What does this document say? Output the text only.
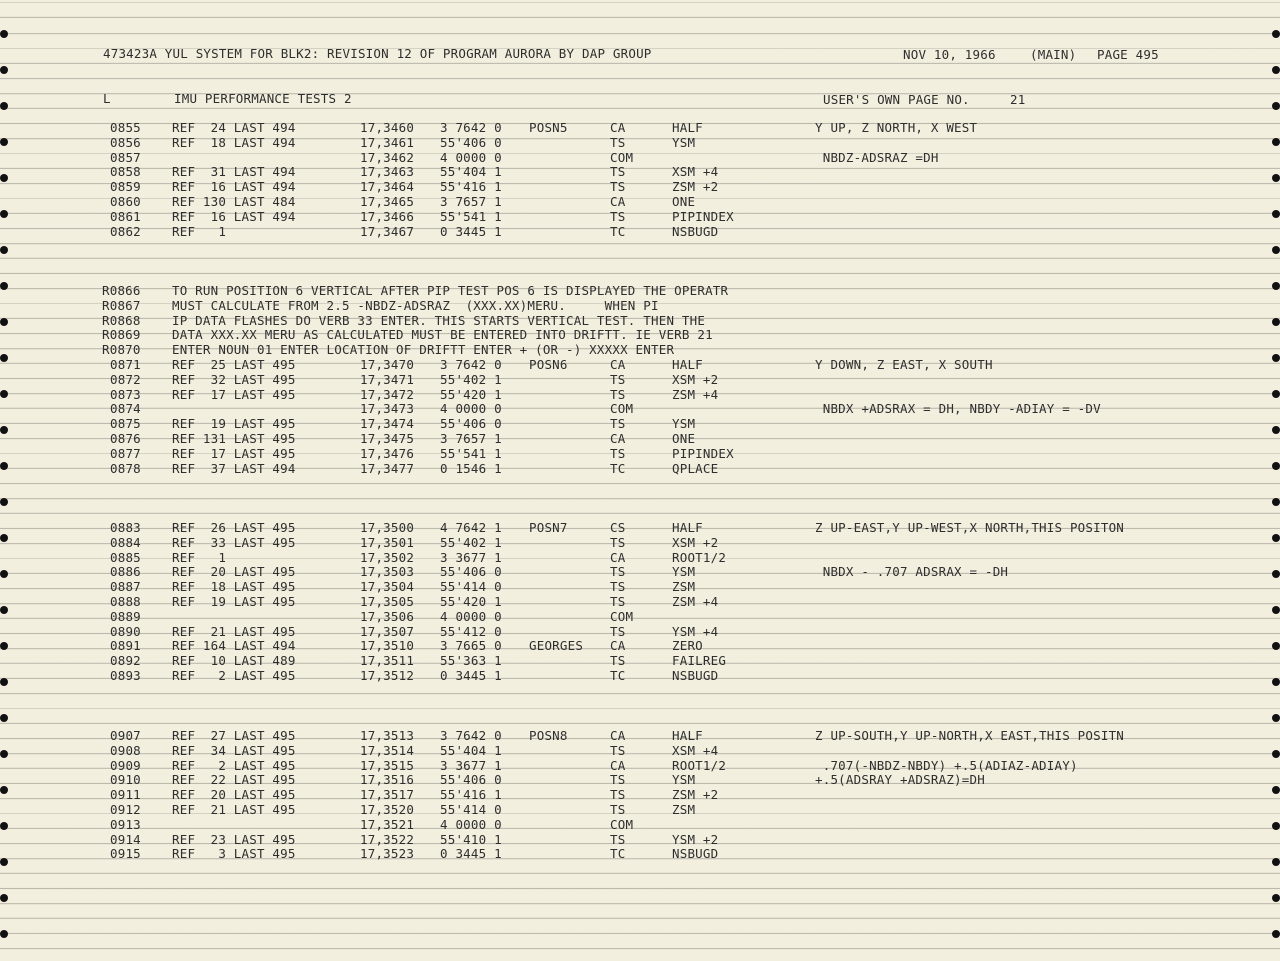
473423A YUL SYSTEM FOR BLK2: REVISION 12 OF PROGRAM AURORA BY DAP GROUP	NOV 10, 1966	(MAIN) PAGE 495
L	IMU PERFORMANCE TESTS 2	USER'S OWN PAGE NO.	21
0855 REF  24 LAST 494	17,3460 3 7642 0 POSN5	CA	HALF	Y UP, Z NORTH, X WEST
0856 REF  18 LAST 494	17,3461 55'406 0	TS	YSM
0857	17,3462 4 0000 0	COM	NBDZ-ADSRAZ =DH
0858 REF  31 LAST 494	17,3463 55'404 1	TS	XSM +4
0859 REF  16 LAST 494	17,3464 55'416 1	TS	ZSM +2
0860 REF 130 LAST 484	17,3465 3 7657 1	CA	ONE
0861 REF  16 LAST 494	17,3466 55'541 1	TS	PIPINDEX
0862 REF   1	17,3467 0 3445 1	TC	NSBUGD
R0866	TO RUN POSITION 6 VERTICAL AFTER PIP TEST POS 6 IS DISPLAYED THE OPERATR
R0867	MUST CALCULATE FROM 2.5 -NBDZ-ADSRAZ  (XXX.XX)MERU.     WHEN PI
R0868	IP DATA FLASHES DO VERB 33 ENTER. THIS STARTS VERTICAL TEST. THEN THE
R0869	DATA XXX.XX MERU AS CALCULATED MUST BE ENTERED INTO DRIFTT. IE VERB 21
R0870	ENTER NOUN 01 ENTER LOCATION OF DRIFTT ENTER + (OR -) XXXXX ENTER
0871 REF  25 LAST 495	17,3470 3 7642 0 POSN6	CA	HALF	Y DOWN, Z EAST, X SOUTH
0872 REF  32 LAST 495	17,3471 55'402 1	TS	XSM +2
0873 REF  17 LAST 495	17,3472 55'420 1	TS	ZSM +4
0874	17,3473 4 0000 0	COM	NBDX +ADSRAX = DH, NBDY -ADIAY = -DV
0875 REF  19 LAST 495	17,3474 55'406 0	TS	YSM
0876 REF 131 LAST 495	17,3475 3 7657 1	CA	ONE
0877 REF  17 LAST 495	17,3476 55'541 1	TS	PIPINDEX
0878 REF  37 LAST 494	17,3477 0 1546 1	TC	QPLACE
0883 REF  26 LAST 495	17,3500 4 7642 1 POSN7	CS	HALF	Z UP-EAST,Y UP-WEST,X NORTH,THIS POSITON
0884 REF  33 LAST 495	17,3501 55'402 1	TS	XSM +2
0885 REF   1	17,3502 3 3677 1	CA	ROOT1/2
0886 REF  20 LAST 495	17,3503 55'406 0	TS	YSM	NBDX - .707 ADSRAX = -DH
0887 REF  18 LAST 495	17,3504 55'414 0	TS	ZSM
0888 REF  19 LAST 495	17,3505 55'420 1	TS	ZSM +4
0889	17,3506 4 0000 0	COM
0890 REF  21 LAST 495	17,3507 55'412 0	TS	YSM +4
0891 REF 164 LAST 494	17,3510 3 7665 0 GEORGES CA	ZERO
0892 REF  10 LAST 489	17,3511 55'363 1	TS	FAILREG
0893 REF   2 LAST 495	17,3512 0 3445 1	TC	NSBUGD
0907 REF  27 LAST 495	17,3513 3 7642 0 POSN8	CA	HALF	Z UP-SOUTH,Y UP-NORTH,X EAST,THIS POSITN
0908 REF  34 LAST 495	17,3514 55'404 1	TS	XSM +4
0909 REF   2 LAST 495	17,3515 3 3677 1	CA	ROOT1/2	.707(-NBDZ-NBDY) +.5(ADIAZ-ADIAY)
0910 REF  22 LAST 495	17,3516 55'406 0	TS	YSM	+.5(ADSRAY +ADSRAZ)=DH
0911 REF  20 LAST 495	17,3517 55'416 1	TS	ZSM +2
0912 REF  21 LAST 495	17,3520 55'414 0	TS	ZSM
0913	17,3521 4 0000 0	COM
0914 REF  23 LAST 495	17,3522 55'410 1	TS	YSM +2
0915 REF   3 LAST 495	17,3523 0 3445 1	TC	NSBUGD
